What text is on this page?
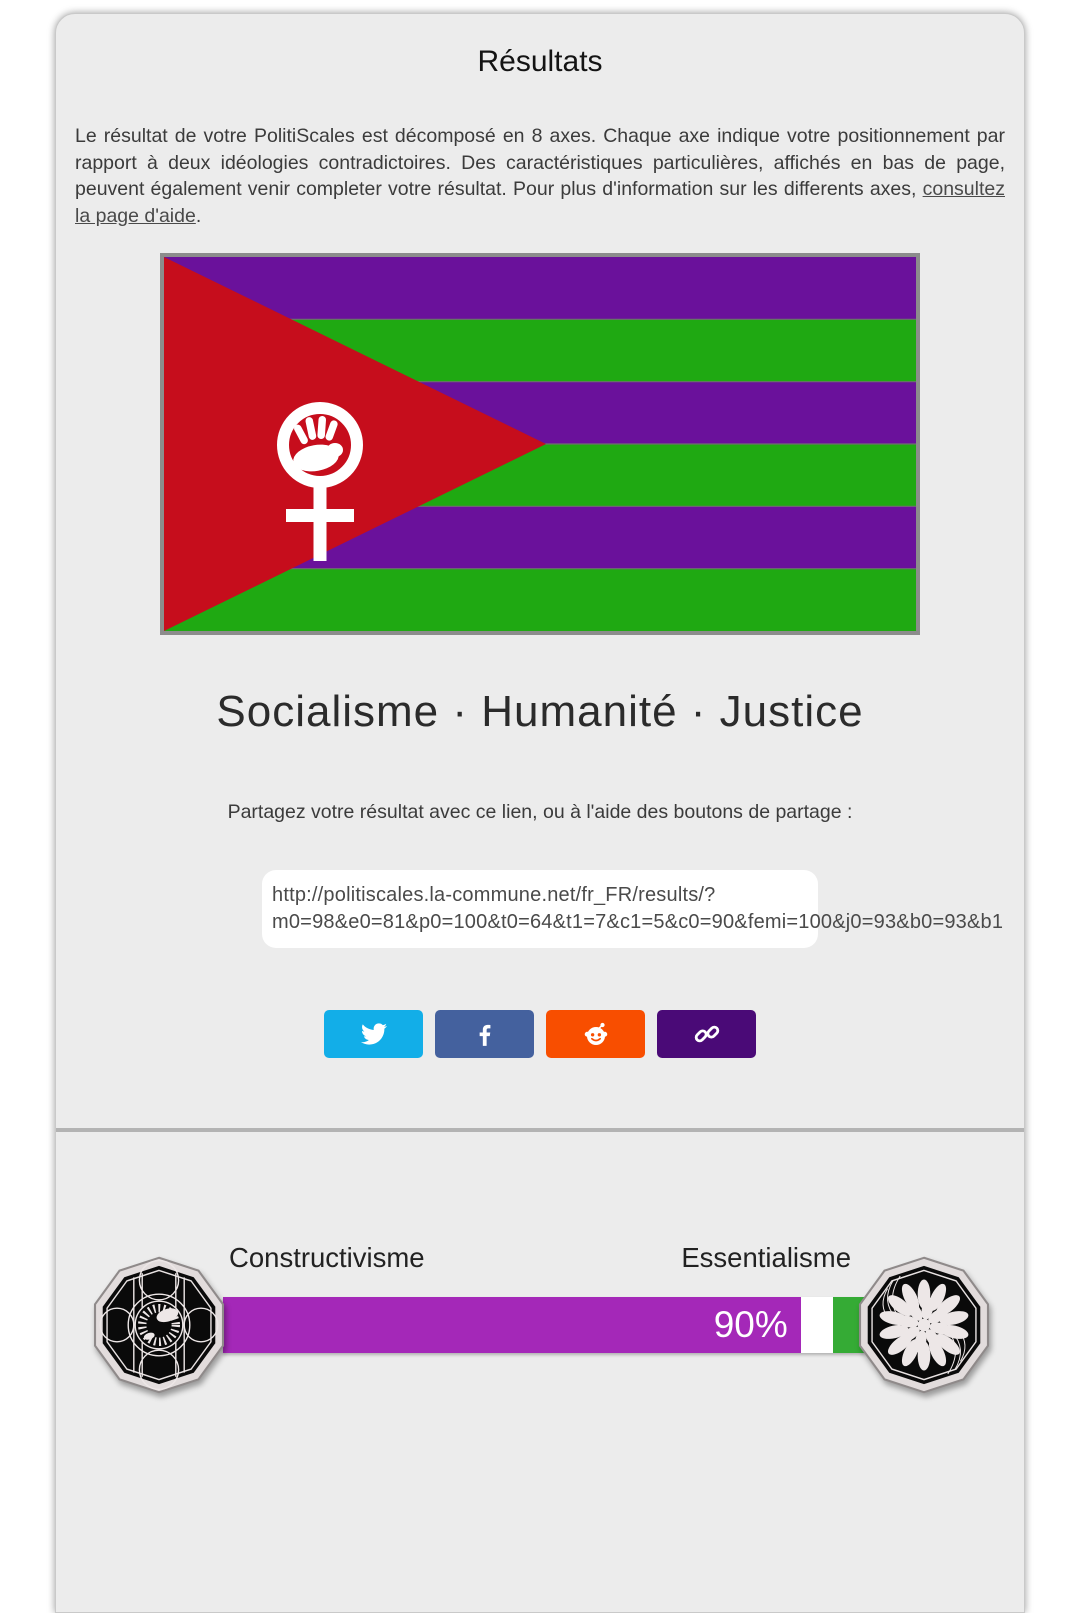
Résultats

Le résultat de votre PolitiScales est décomposé en 8 axes. Chaque axe indique votre positionnement par rapport à deux idéologies contradictoires. Des caractéristiques particulières, affichés en bas de page, peuvent également venir completer votre résultat. Pour plus d'information sur les differents axes, consultez la page d'aide.

Socialisme · Humanité · Justice
Partagez votre résultat avec ce lien, ou à l'aide des boutons de partage :
http://politiscales.la-commune.net/fr_FR/results/?
m0=98&e0=81&p0=100&t0=64&t1=7&c1=5&c0=90&femi=100&j0=93&b0=93&b1
Constructivisme	Essentialisme
90%
